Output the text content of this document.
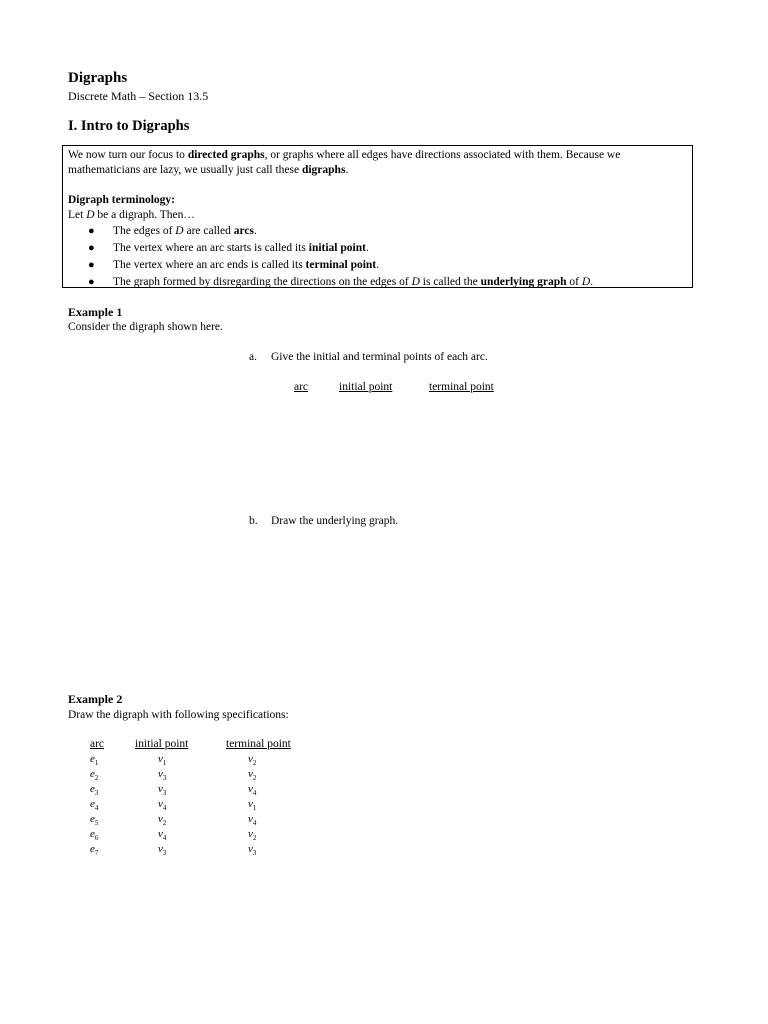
Digraphs
Discrete Math – Section 13.5
I. Intro to Digraphs
We now turn our focus to directed graphs, or graphs where all edges have directions associated with them. Because we
mathematicians are lazy, we usually just call these digraphs.
Digraph terminology:
Let D be a digraph. Then…
● The edges of D are called arcs.
● The vertex where an arc starts is called its initial point.
● The vertex where an arc ends is called its terminal point.
● The graph formed by disregarding the directions on the edges of D is called the underlying graph of D.
Example 1
Consider the digraph shown here.
a. Give the initial and terminal points of each arc.
arc	initial point	terminal point
b. Draw the underlying graph.
Example 2
Draw the digraph with following specifications:
arc	initial point	terminal point
$e_1$	$v_1$	$v_2$
$e_2$	$v_3$	$v_2$
$e_3$	$v_3$	$v_4$
$e_4$	$v_4$	$v_1$
$e_5$	$v_2$	$v_4$
$e_6$	$v_4$	$v_2$
$e_7$	$v_3$	$v_3$
